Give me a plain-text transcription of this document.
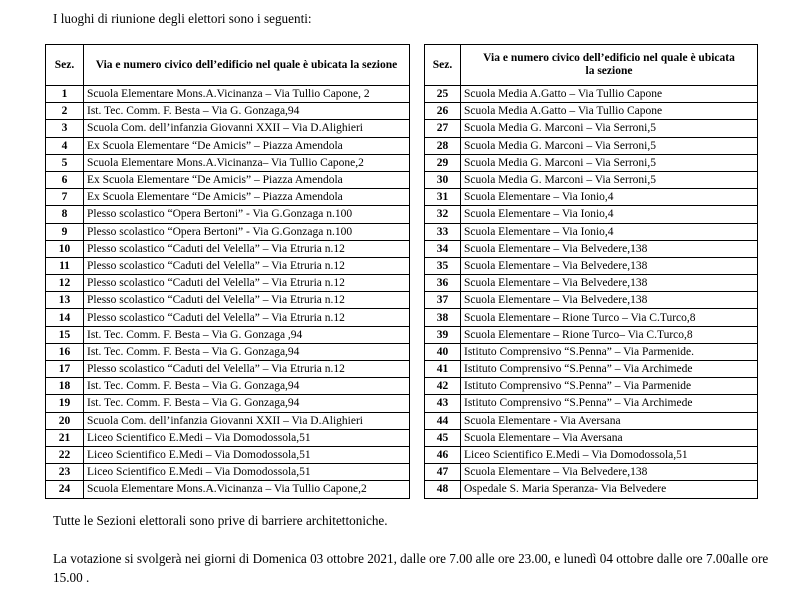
I luoghi di riunione degli elettori sono i seguenti:
Sez.	Via e numero civico dell’edificio nel quale è ubicata la sezione
1	Scuola Elementare Mons.A.Vicinanza – Via Tullio Capone, 2
2	Ist. Tec. Comm. F. Besta – Via G. Gonzaga,94
3	Scuola Com. dell’infanzia Giovanni XXII – Via D.Alighieri
4	Ex Scuola Elementare “De Amicis” – Piazza Amendola
5	Scuola Elementare Mons.A.Vicinanza– Via Tullio Capone,2
6	Ex Scuola Elementare “De Amicis” – Piazza Amendola
7	Ex Scuola Elementare “De Amicis” – Piazza Amendola
8	Plesso scolastico “Opera Bertoni” - Via G.Gonzaga n.100
9	Plesso scolastico “Opera Bertoni” - Via G.Gonzaga n.100
10	Plesso scolastico “Caduti del Velella” – Via Etruria n.12
11	Plesso scolastico “Caduti del Velella” – Via Etruria n.12
12	Plesso scolastico “Caduti del Velella” – Via Etruria n.12
13	Plesso scolastico “Caduti del Velella” – Via Etruria n.12
14	Plesso scolastico “Caduti del Velella” – Via Etruria n.12
15	Ist. Tec. Comm. F. Besta – Via G. Gonzaga ,94
16	Ist. Tec. Comm. F. Besta – Via G. Gonzaga,94
17	Plesso scolastico “Caduti del Velella” – Via Etruria n.12
18	Ist. Tec. Comm. F. Besta – Via G. Gonzaga,94
19	Ist. Tec. Comm. F. Besta – Via G. Gonzaga,94
20	Scuola Com. dell’infanzia Giovanni XXII – Via D.Alighieri
21	Liceo Scientifico E.Medi – Via Domodossola,51
22	Liceo Scientifico E.Medi – Via Domodossola,51
23	Liceo Scientifico E.Medi – Via Domodossola,51
24	Scuola Elementare Mons.A.Vicinanza – Via Tullio Capone,2
Sez.	Via e numero civico dell’edificio nel quale è ubicata la sezione
25	Scuola Media A.Gatto – Via Tullio Capone
26	Scuola Media A.Gatto – Via Tullio Capone
27	Scuola Media G. Marconi – Via Serroni,5
28	Scuola Media G. Marconi – Via Serroni,5
29	Scuola Media G. Marconi – Via Serroni,5
30	Scuola Media G. Marconi – Via Serroni,5
31	Scuola Elementare – Via Ionio,4
32	Scuola Elementare – Via Ionio,4
33	Scuola Elementare – Via Ionio,4
34	Scuola Elementare – Via Belvedere,138
35	Scuola Elementare – Via Belvedere,138
36	Scuola Elementare – Via Belvedere,138
37	Scuola Elementare – Via Belvedere,138
38	Scuola Elementare – Rione Turco – Via C.Turco,8
39	Scuola Elementare – Rione Turco– Via C.Turco,8
40	Istituto Comprensivo “S.Penna” – Via Parmenide.
41	Istituto Comprensivo “S.Penna” – Via Archimede
42	Istituto Comprensivo “S.Penna” – Via Parmenide
43	Istituto Comprensivo “S.Penna” – Via Archimede
44	Scuola Elementare - Via Aversana
45	Scuola Elementare – Via Aversana
46	Liceo Scientifico E.Medi – Via Domodossola,51
47	Scuola Elementare – Via Belvedere,138
48	Ospedale S. Maria Speranza- Via Belvedere
Tutte le Sezioni elettorali sono prive di barriere architettoniche.
La votazione si svolgerà nei giorni di Domenica 03 ottobre 2021, dalle ore 7.00 alle ore 23.00, e lunedì 04 ottobre dalle ore 7.00alle ore 15.00 .
